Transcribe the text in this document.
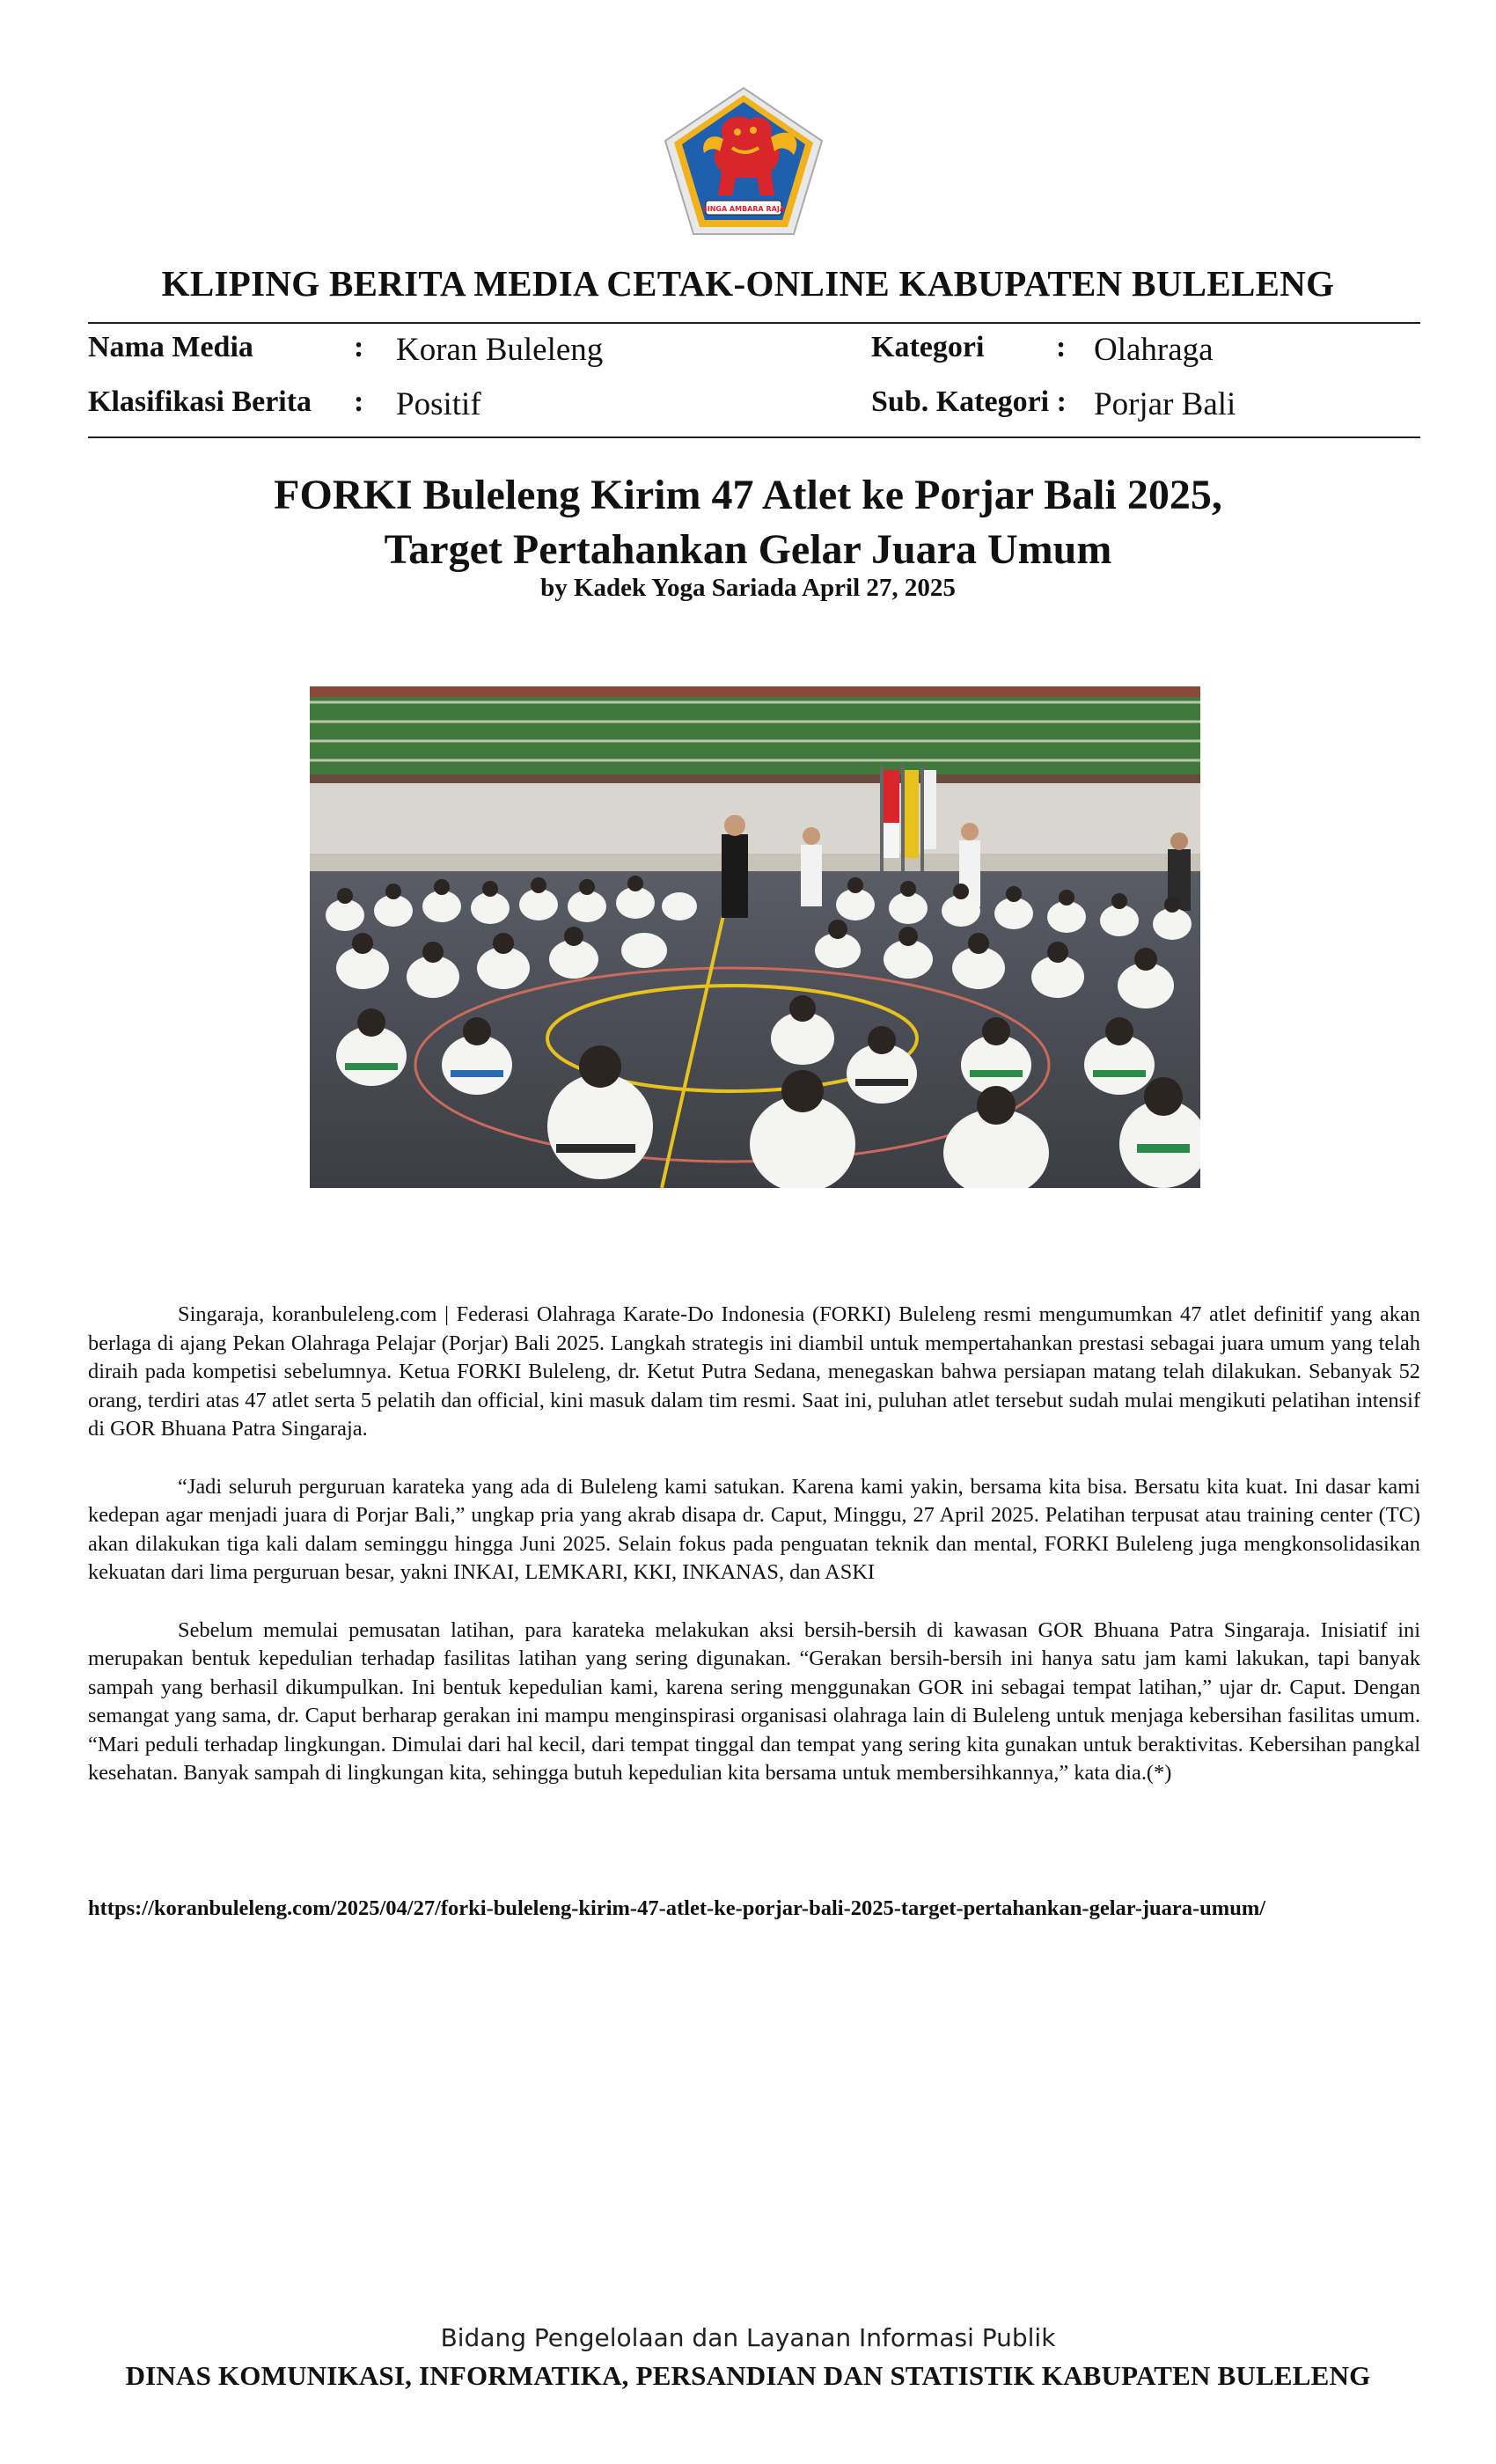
SINGA AMBARA RAJA
KLIPING BERITA MEDIA CETAK-ONLINE KABUPATEN BULELENG
Nama Media	: Koran Buleleng	Kategori : Olahraga
Klasifikasi Berita : Positif	Sub. Kategori : Porjar Bali
FORKI Buleleng Kirim 47 Atlet ke Porjar Bali 2025,
Target Pertahankan Gelar Juara Umum
by Kadek Yoga Sariada April 27, 2025

Singaraja, koranbuleleng.com | Federasi Olahraga Karate-Do Indonesia (FORKI) Buleleng resmi mengumumkan 47 atlet definitif yang akan berlaga di ajang Pekan Olahraga Pelajar (Porjar) Bali 2025. Langkah strategis ini diambil untuk mempertahankan prestasi sebagai juara umum yang telah diraih pada kompetisi sebelumnya. Ketua FORKI Buleleng, dr. Ketut Putra Sedana, menegaskan bahwa persiapan matang telah dilakukan. Sebanyak 52 orang, terdiri atas 47 atlet serta 5 pelatih dan official, kini masuk dalam tim resmi. Saat ini, puluhan atlet tersebut sudah mulai mengikuti pelatihan intensif di GOR Bhuana Patra Singaraja.

“Jadi seluruh perguruan karateka yang ada di Buleleng kami satukan. Karena kami yakin, bersama kita bisa. Bersatu kita kuat. Ini dasar kami kedepan agar menjadi juara di Porjar Bali,” ungkap pria yang akrab disapa dr. Caput, Minggu, 27 April 2025. Pelatihan terpusat atau training center (TC) akan dilakukan tiga kali dalam seminggu hingga Juni 2025. Selain fokus pada penguatan teknik dan mental, FORKI Buleleng juga mengkonsolidasikan kekuatan dari lima perguruan besar, yakni INKAI, LEMKARI, KKI, INKANAS, dan ASKI

Sebelum memulai pemusatan latihan, para karateka melakukan aksi bersih-bersih di kawasan GOR Bhuana Patra Singaraja. Inisiatif ini merupakan bentuk kepedulian terhadap fasilitas latihan yang sering digunakan. “Gerakan bersih-bersih ini hanya satu jam kami lakukan, tapi banyak sampah yang berhasil dikumpulkan. Ini bentuk kepedulian kami, karena sering menggunakan GOR ini sebagai tempat latihan,” ujar dr. Caput. Dengan semangat yang sama, dr. Caput berharap gerakan ini mampu menginspirasi organisasi olahraga lain di Buleleng untuk menjaga kebersihan fasilitas umum. “Mari peduli terhadap lingkungan. Dimulai dari hal kecil, dari tempat tinggal dan tempat yang sering kita gunakan untuk beraktivitas. Kebersihan pangkal kesehatan. Banyak sampah di lingkungan kita, sehingga butuh kepedulian kita bersama untuk membersihkannya,” kata dia.(*)

https://koranbuleleng.com/2025/04/27/forki-buleleng-kirim-47-atlet-ke-porjar-bali-2025-target-pertahankan-gelar-juara-umum/
Bidang Pengelolaan dan Layanan Informasi Publik
DINAS KOMUNIKASI, INFORMATIKA, PERSANDIAN DAN STATISTIK KABUPATEN BULELENG
